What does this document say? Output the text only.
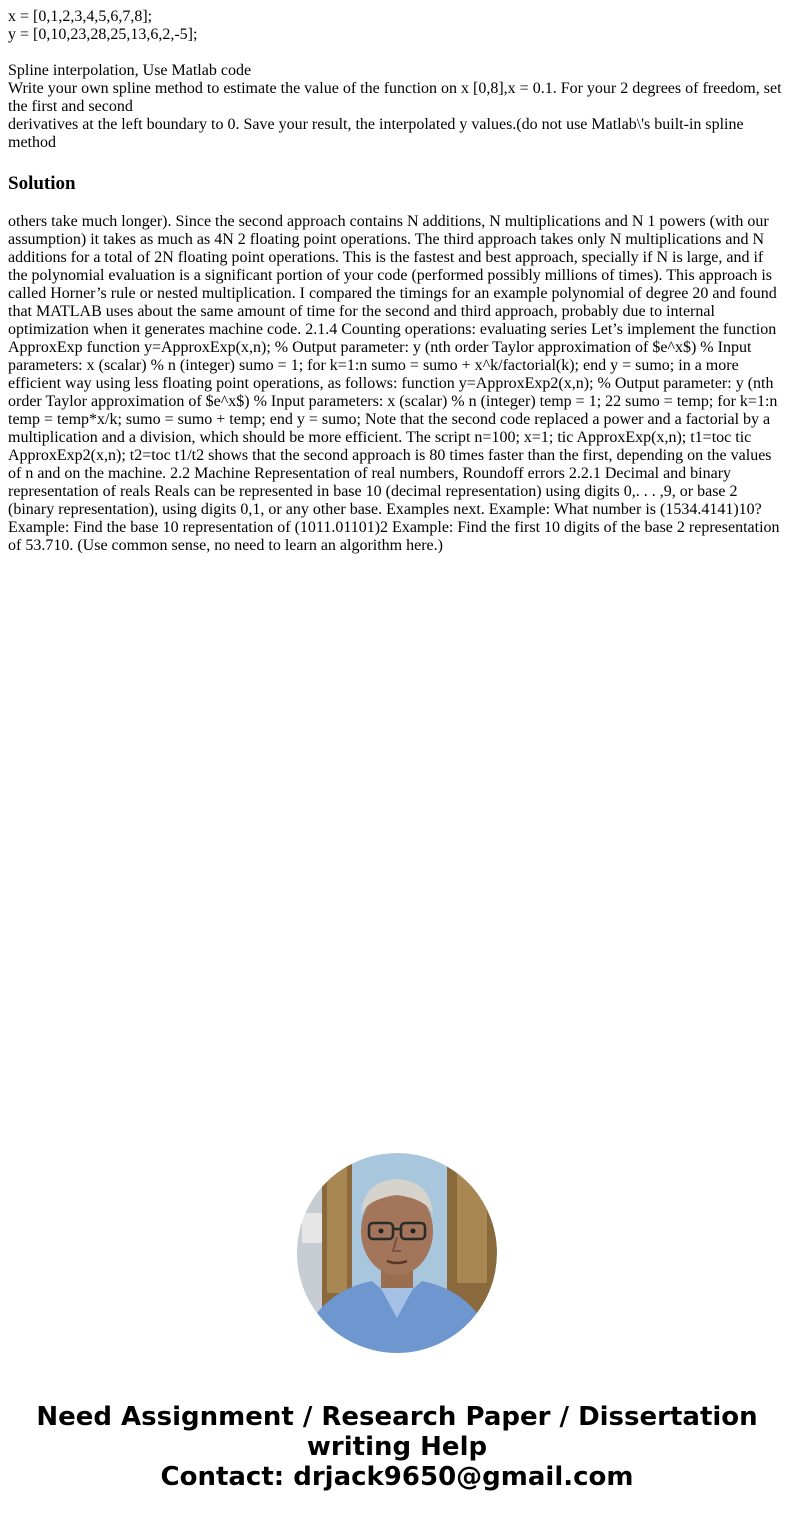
x = [0,1,2,3,4,5,6,7,8];
y = [0,10,23,28,25,13,6,2,-5];
Spline interpolation, Use Matlab code
Write your own spline method to estimate the value of the function on x [0,8],x = 0.1. For your 2 degrees of freedom, set the first and second
derivatives at the left boundary to 0. Save your result, the interpolated y values.(do not use Matlab\'s built-in spline method
Solution

others take much longer). Since the second approach contains N additions, N multiplications and N 1 powers (with our assumption) it takes as much as 4N 2 floating point operations. The third approach takes only N multiplications and N additions for a total of 2N floating point operations. This is the fastest and best approach, specially if N is large, and if the polynomial evaluation is a significant portion of your code (performed possibly millions of times). This approach is called Horner’s rule or nested multiplication. I compared the timings for an example polynomial of degree 20 and found that MATLAB uses about the same amount of time for the second and third approach, probably due to internal optimization when it generates machine code. 2.1.4 Counting operations: evaluating series Let’s implement the function ApproxExp function y=ApproxExp(x,n); % Output parameter: y (nth order Taylor approximation of $e^x$) % Input parameters: x (scalar) % n (integer) sumo = 1; for k=1:n sumo = sumo + x^k/factorial(k); end y = sumo; in a more efficient way using less floating point operations, as follows: function y=ApproxExp2(x,n); % Output parameter: y (nth order Taylor approximation of $e^x$) % Input parameters: x (scalar) % n (integer) temp = 1; 22 sumo = temp; for k=1:n temp = temp*x/k; sumo = sumo + temp; end y = sumo; Note that the second code replaced a power and a factorial by a multiplication and a division, which should be more efficient. The script n=100; x=1; tic ApproxExp(x,n); t1=toc tic ApproxExp2(x,n); t2=toc t1/t2 shows that the second approach is 80 times faster than the first, depending on the values of n and on the machine. 2.2 Machine Representation of real numbers, Roundoff errors 2.2.1 Decimal and binary representation of reals Reals can be represented in base 10 (decimal representation) using digits 0,. . . ,9, or base 2 (binary representation), using digits 0,1, or any other base. Examples next. Example: What number is (1534.4141)10? Example: Find the base 10 representation of (1011.01101)2 Example: Find the first 10 digits of the base 2 representation of 53.710. (Use common sense, no need to learn an algorithm here.)

Need Assignment / Research Paper / Dissertation
writing Help
Contact: drjack9650@gmail.com
